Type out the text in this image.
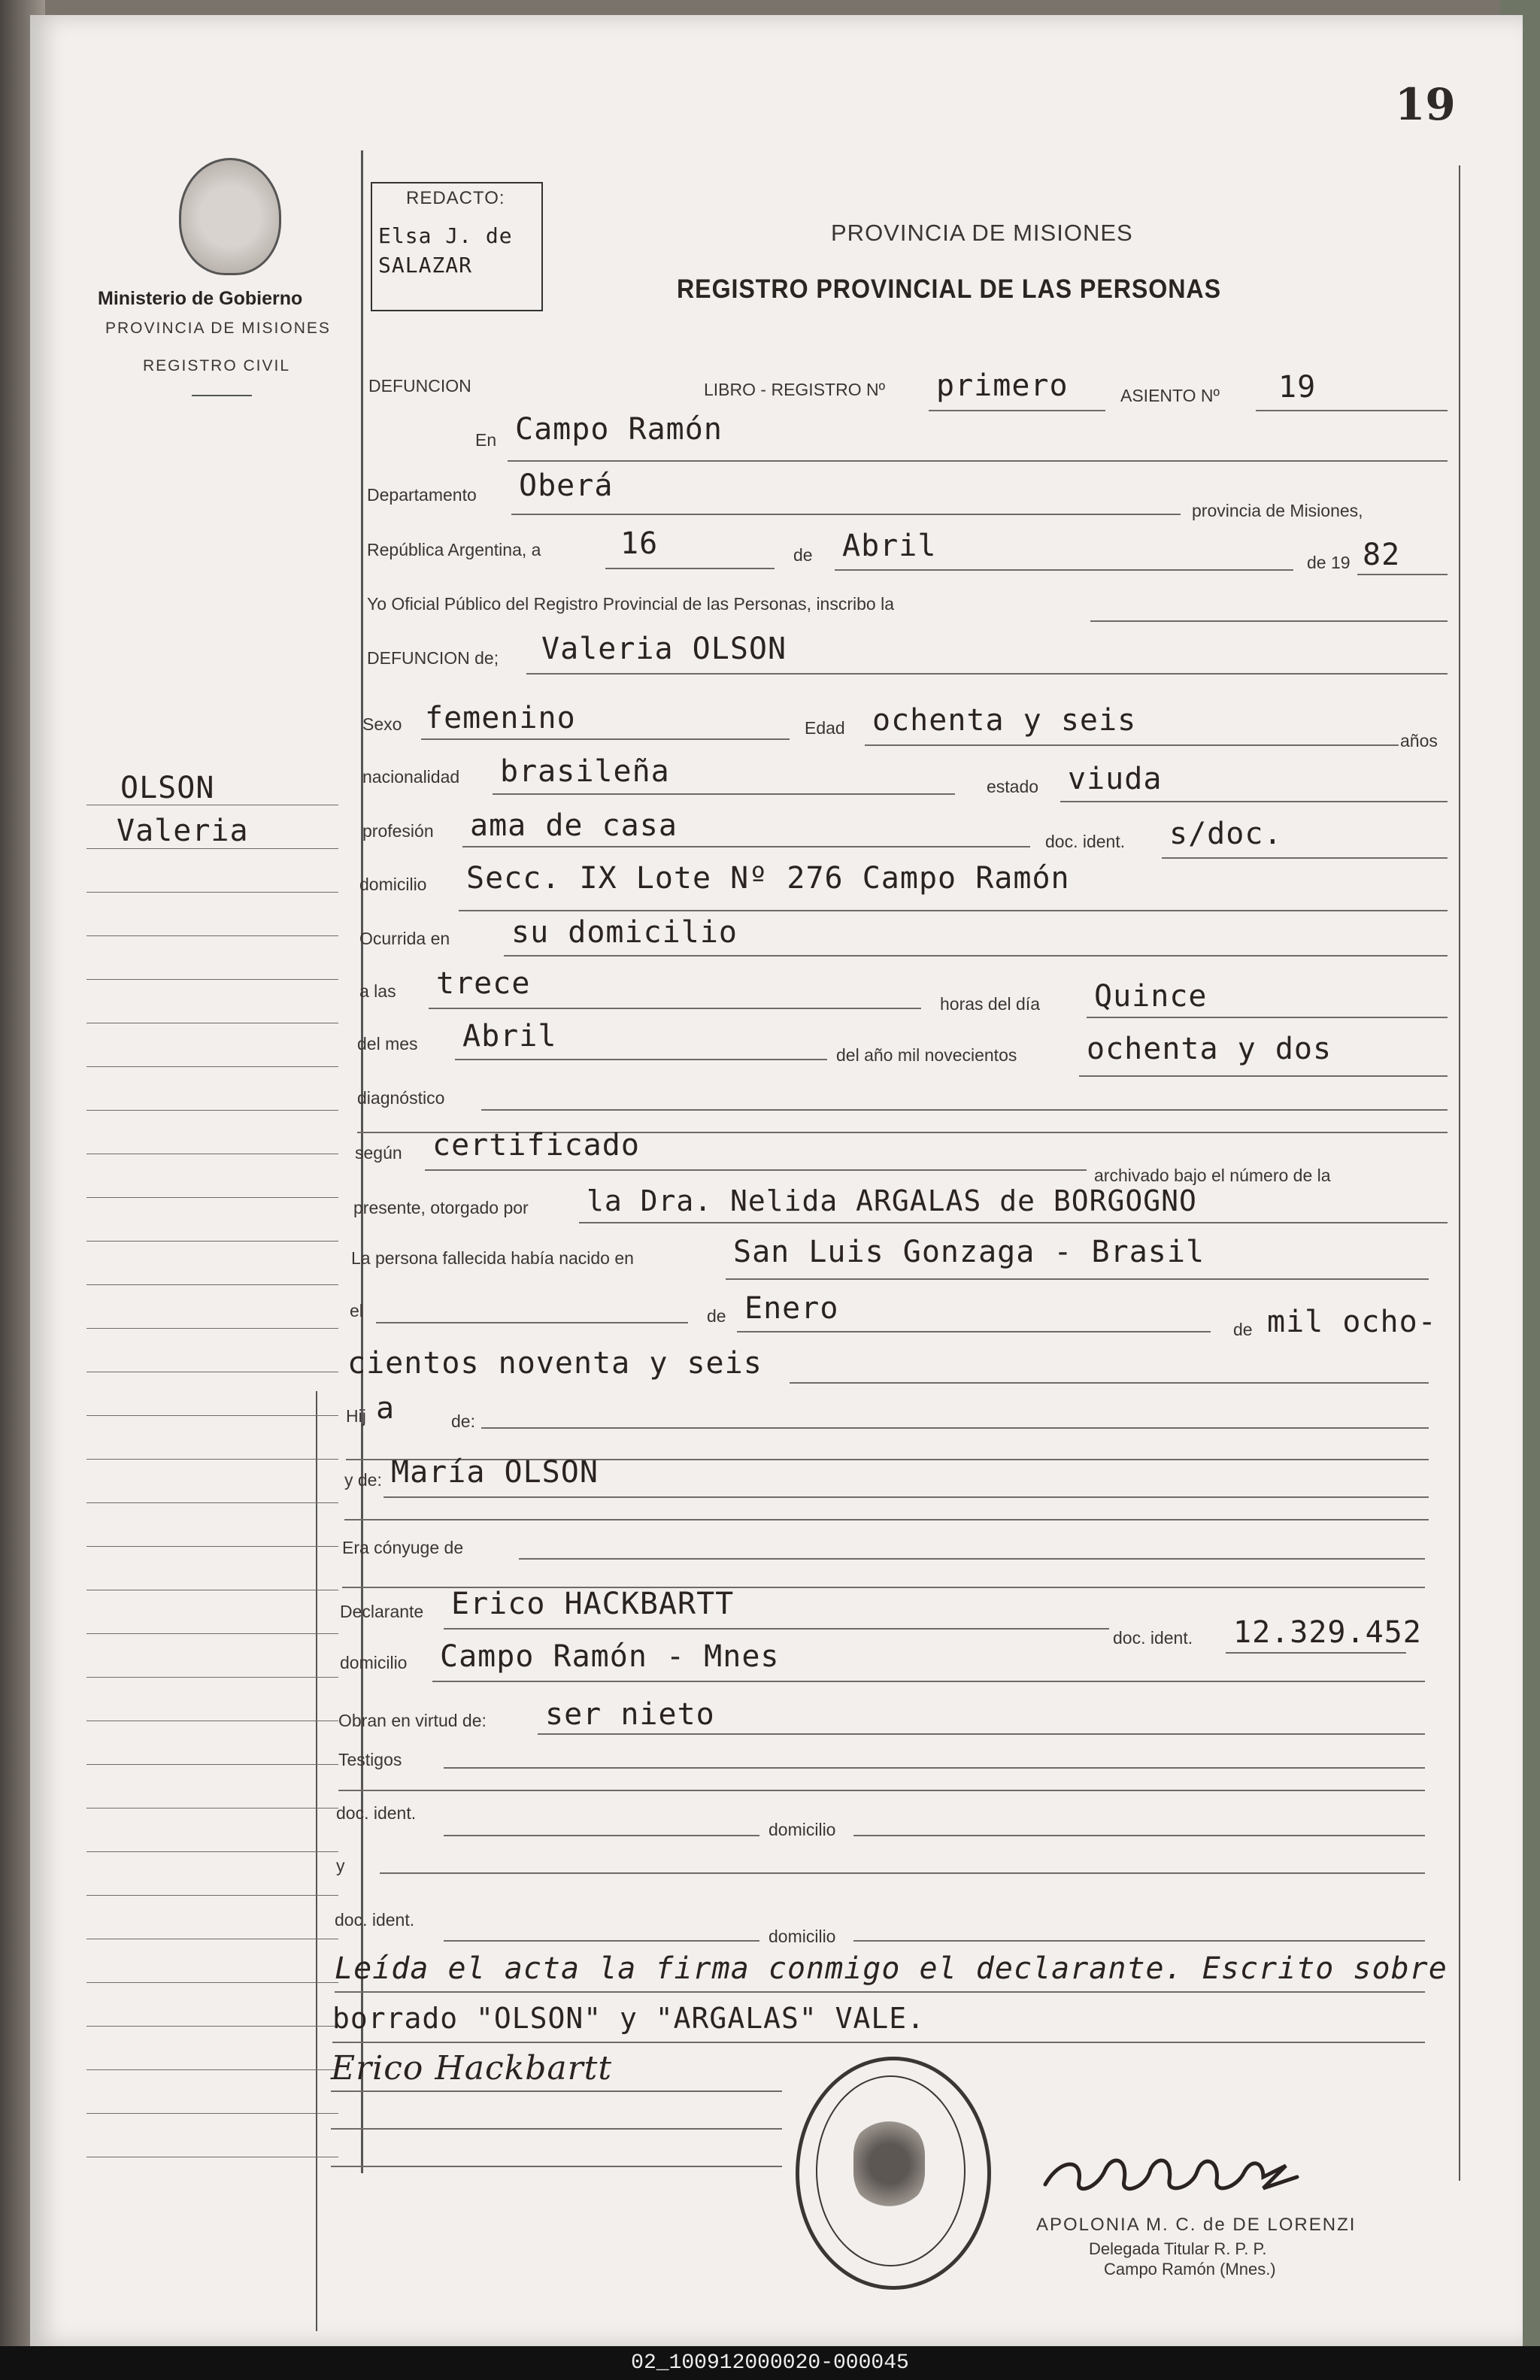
19
Ministerio de Gobierno
PROVINCIA DE MISIONES
REGISTRO CIVIL
REDACTO:
Elsa J. de
SALAZAR
PROVINCIA DE MISIONES
REGISTRO PROVINCIAL DE LAS PERSONAS
OLSON
Valeria
DEFUNCION	LIBRO - REGISTRO Nº primero	ASIENTO Nº 19
En Campo Ramón
Departamento Oberá
provincia de Misiones,
República Argentina, a	16	de Abril	de 19 82
Yo Oficial Público del Registro Provincial de las Personas, inscribo la
DEFUNCION de; Valeria OLSON
Sexo femenino	Edad ochenta y seis
años
nacionalidad brasileña	estado viuda
profesión ama de casa	doc. ident. s/doc.
domicilio Secc. IX Lote Nº 276 Campo Ramón
Ocurrida en su domicilio
a las trece
horas del día Quince
del mes Abril
del año mil novecientos ochenta y dos
diagnóstico
según certificado
archivado bajo el número de la
presente, otorgado por la Dra. Nelida ARGALAS de BORGOGNO
La persona fallecida había nacido en	San Luis Gonzaga - Brasil
el	de Enero
de mil ocho-
cientos noventa y seis
Hij a	de:
y de: María OLSON
Era cónyuge de
Declarante Erico HACKBARTT
doc. ident. 12.329.452
domicilio Campo Ramón - Mnes
Obran en virtud de: ser nieto
Testigos
doc. ident.
domicilio
y
doc. ident.
domicilio
Leída el acta la firma conmigo el declarante. Escrito sobre
borrado "OLSON" y "ARGALAS" VALE.
Erico Hackbartt
APOLONIA M. C. de DE LORENZI
Delegada Titular R. P. P.
Campo Ramón (Mnes.)
02_100912000020-000045
